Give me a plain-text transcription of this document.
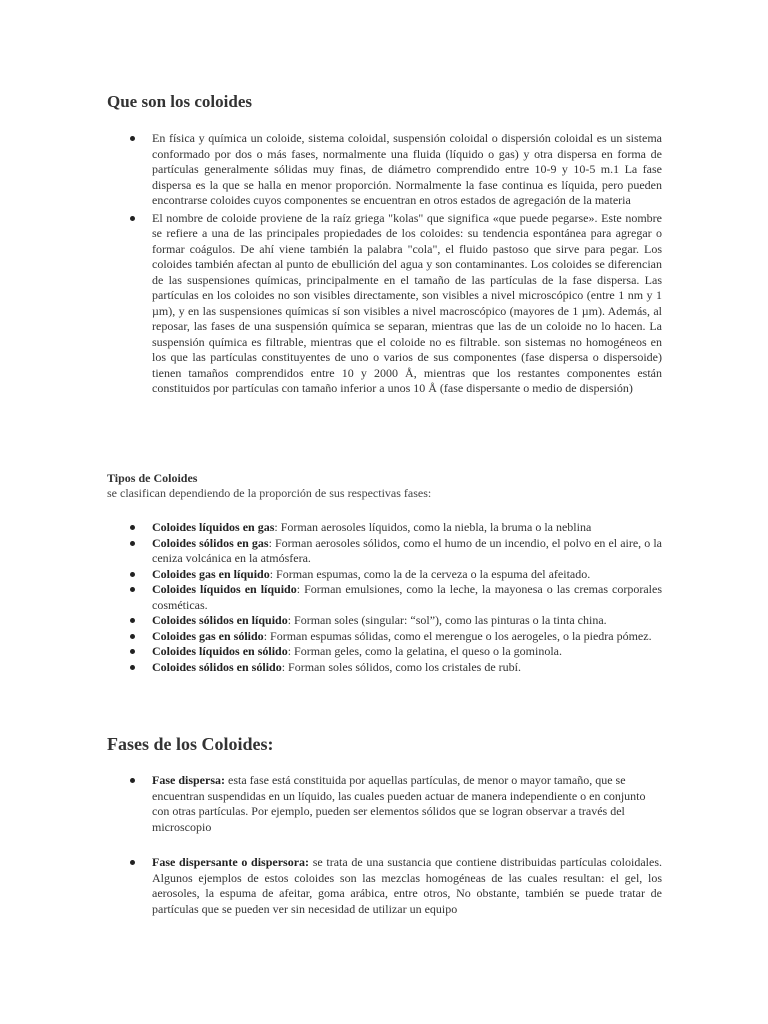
Que son los coloides
En física y química un coloide, sistema coloidal, suspensión coloidal o dispersión coloidal es un sistema conformado por dos o más fases, normalmente una fluida (líquido o gas) y otra dispersa en forma de partículas generalmente sólidas muy finas, de diámetro comprendido entre 10-9 y 10-5 m.1 La fase dispersa es la que se halla en menor proporción. Normalmente la fase continua es líquida, pero pueden encontrarse coloides cuyos componentes se encuentran en otros estados de agregación de la materia
El nombre de coloide proviene de la raíz griega "kolas" que significa «que puede pegarse». Este nombre se refiere a una de las principales propiedades de los coloides: su tendencia espontánea para agregar o formar coágulos. De ahí viene también la palabra "cola", el fluido pastoso que sirve para pegar. Los coloides también afectan al punto de ebullición del agua y son contaminantes. Los coloides se diferencian de las suspensiones químicas, principalmente en el tamaño de las partículas de la fase dispersa. Las partículas en los coloides no son visibles directamente, son visibles a nivel microscópico (entre 1 nm y 1 µm), y en las suspensiones químicas sí son visibles a nivel macroscópico (mayores de 1 µm). Además, al reposar, las fases de una suspensión química se separan, mientras que las de un coloide no lo hacen. La suspensión química es filtrable, mientras que el coloide no es filtrable. son sistemas no homogéneos en los que las partículas constituyentes de uno o varios de sus componentes (fase dispersa o dispersoide) tienen tamaños comprendidos entre 10 y 2000 Å, mientras que los restantes componentes están constituidos por partículas con tamaño inferior a unos 10 Å (fase dispersante o medio de dispersión)
Tipos de Coloides
se clasifican dependiendo de la proporción de sus respectivas fases:
Coloides líquidos en gas: Forman aerosoles líquidos, como la niebla, la bruma o la neblina
Coloides sólidos en gas: Forman aerosoles sólidos, como el humo de un incendio, el polvo en el aire, o la ceniza volcánica en la atmósfera.
Coloides gas en líquido: Forman espumas, como la de la cerveza o la espuma del afeitado.
Coloides líquidos en líquido: Forman emulsiones, como la leche, la mayonesa o las cremas corporales cosméticas.
Coloides sólidos en líquido: Forman soles (singular: “sol”), como las pinturas o la tinta china.
Coloides gas en sólido: Forman espumas sólidas, como el merengue o los aerogeles, o la piedra pómez.
Coloides líquidos en sólido: Forman geles, como la gelatina, el queso o la gominola.
Coloides sólidos en sólido: Forman soles sólidos, como los cristales de rubí.
Fases de los Coloides:
Fase dispersa: esta fase está constituida por aquellas partículas, de menor o mayor tamaño, que se encuentran suspendidas en un líquido, las cuales pueden actuar de manera independiente o en conjunto con otras partículas. Por ejemplo, pueden ser elementos sólidos que se logran observar a través del microscopio
Fase dispersante o dispersora: se trata de una sustancia que contiene distribuidas partículas coloidales. Algunos ejemplos de estos coloides son las mezclas homogéneas de las cuales resultan: el gel, los aerosoles, la espuma de afeitar, goma arábica, entre otros, No obstante, también se puede tratar de partículas que se pueden ver sin necesidad de utilizar un equipo
